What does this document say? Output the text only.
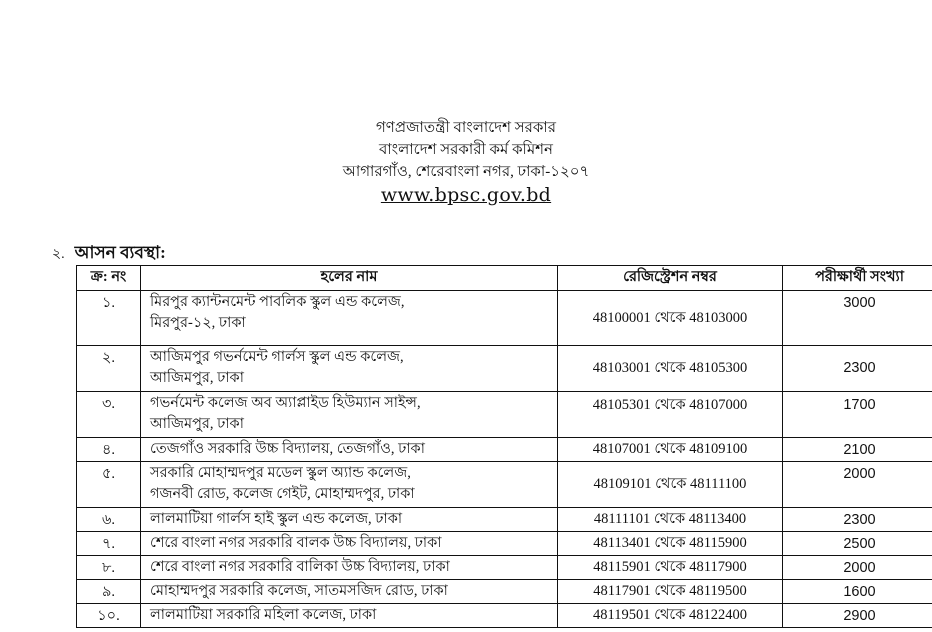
গণপ্রজাতন্ত্রী বাংলাদেশ সরকার
বাংলাদেশ সরকারী কর্ম কমিশন
আগারগাঁও, শেরেবাংলা নগর, ঢাকা-১২০৭
www.bpsc.gov.bd
২. আসন ব্যবস্থা:
ক্র: নং	হলের নাম	রেজিস্ট্রেশন নম্বর	পরীক্ষার্থী সংখ্যা
১.	মিরপুর ক্যান্টনমেন্ট পাবলিক স্কুল এন্ড কলেজ,
মিরপুর-১২, ঢাকা	48100001 থেকে 48103000	3000
২.	আজিমপুর গভর্নমেন্ট গার্লস স্কুল এন্ড কলেজ,
আজিমপুর, ঢাকা	48103001 থেকে 48105300	2300
৩.	গভর্নমেন্ট কলেজ অব অ্যাপ্লাইড হিউম্যান সাইন্স,
আজিমপুর, ঢাকা	48105301 থেকে 48107000	1700
৪.	তেজগাঁও সরকারি উচ্চ বিদ্যালয়, তেজগাঁও, ঢাকা	48107001 থেকে 48109100	2100
৫.	সরকারি মোহাম্মদপুর মডেল স্কুল অ্যান্ড কলেজ,
গজনবী রোড, কলেজ গেইট, মোহাম্মদপুর, ঢাকা	48109101 থেকে 48111100	2000
৬.	লালমাটিয়া গার্লস হাই স্কুল এন্ড কলেজ, ঢাকা	48111101 থেকে 48113400	2300
৭.	শেরে বাংলা নগর সরকারি বালক উচ্চ বিদ্যালয়, ঢাকা	48113401 থেকে 48115900	2500
৮.	শেরে বাংলা নগর সরকারি বালিকা উচ্চ বিদ্যালয়, ঢাকা	48115901 থেকে 48117900	2000
৯.	মোহাম্মদপুর সরকারি কলেজ, সাতমসজিদ রোড, ঢাকা	48117901 থেকে 48119500	1600
১০.	লালমাটিয়া সরকারি মহিলা কলেজ, ঢাকা	48119501 থেকে 48122400	2900
